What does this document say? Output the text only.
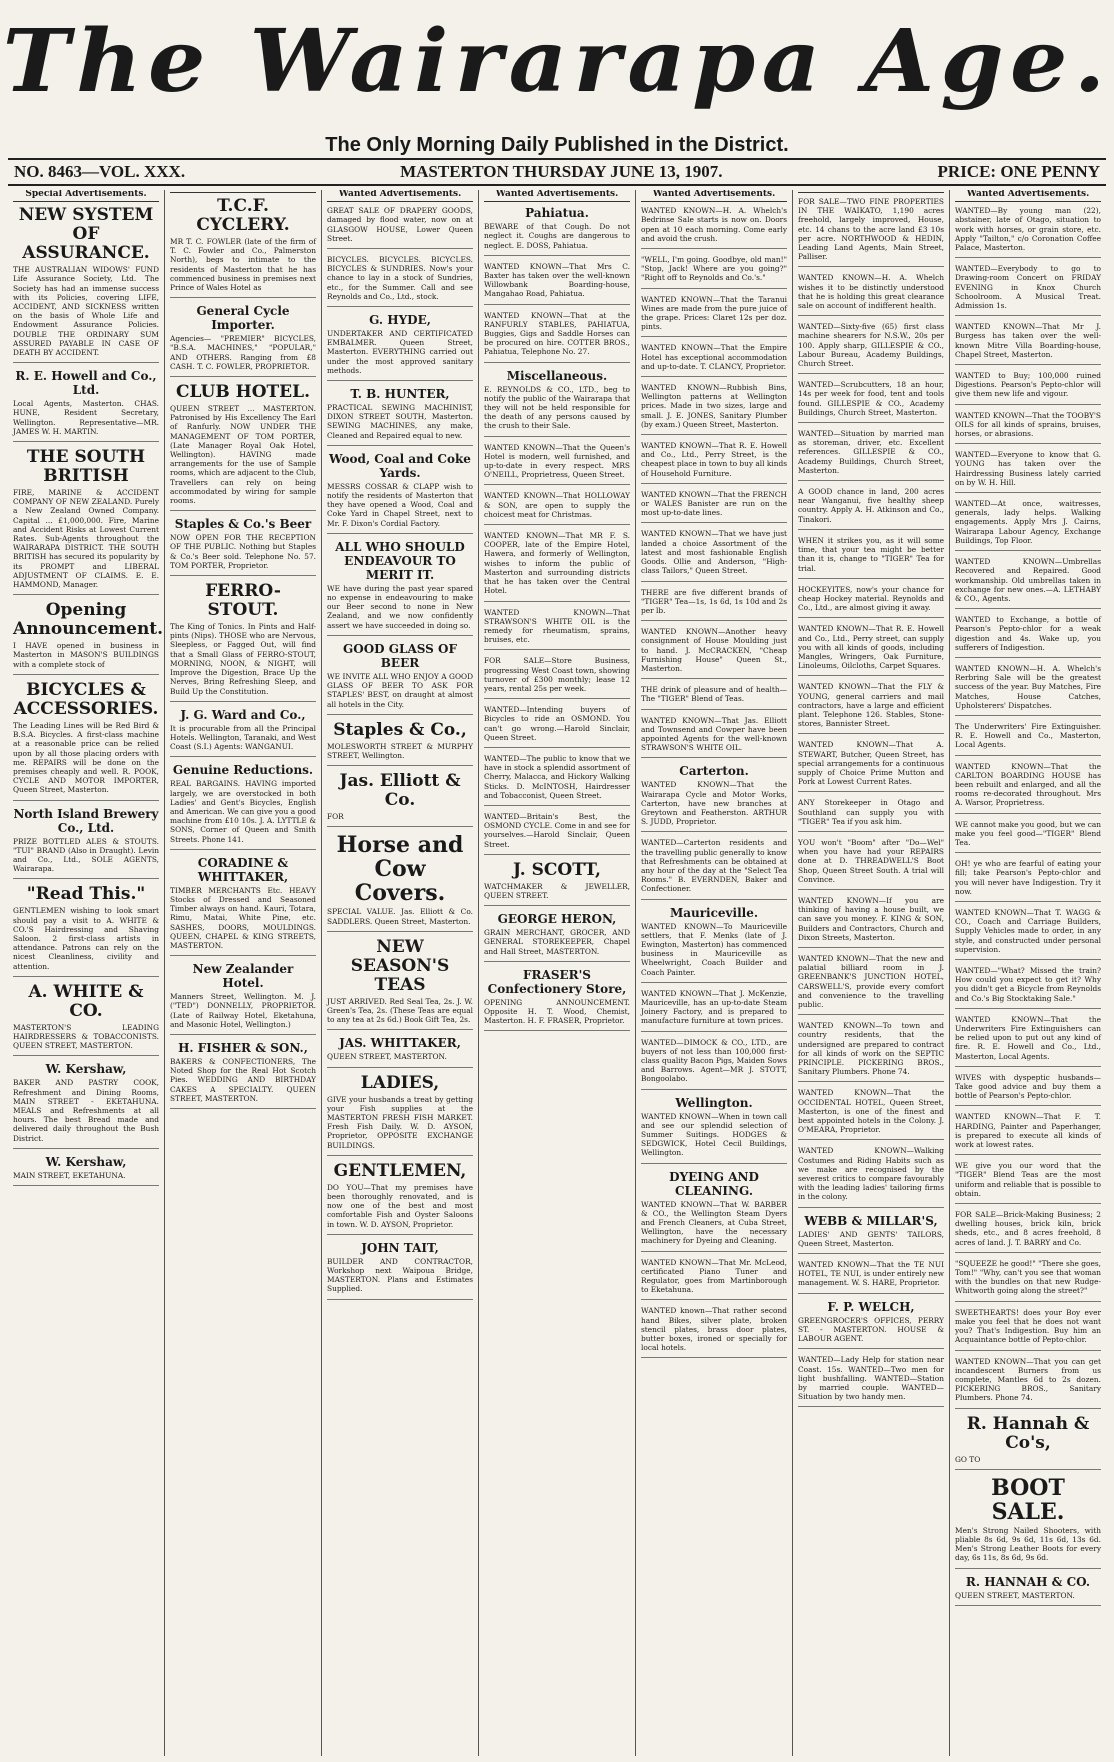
The Wairarapa Age.
The Only Morning Daily Published in the District.
NO. 8463—VOL. XXX.	MASTERTON THURSDAY JUNE 13, 1907.	PRICE: ONE PENNY
Special Advertisements.
NEW SYSTEM OF ASSURANCE.

THE AUSTRALIAN WIDOWS' FUND Life Assurance Society, Ltd. The Society has had an immense success with its Policies, covering LIFE, ACCIDENT, AND SICKNESS written on the basis of Whole Life and Endowment Assurance Policies. DOUBLE THE ORDINARY SUM ASSURED PAYABLE IN CASE OF DEATH BY ACCIDENT.

R. E. Howell and Co., Ltd.

Local Agents, Masterton. CHAS. HUNE, Resident Secretary, Wellington. Representative—MR. JAMES W. H. MARTIN.

THE SOUTH BRITISH

FIRE, MARINE & ACCIDENT COMPANY OF NEW ZEALAND. Purely a New Zealand Owned Company. Capital ... £1,000,000. Fire, Marine and Accident Risks at Lowest Current Rates. Sub-Agents throughout the WAIRARAPA DISTRICT. THE SOUTH BRITISH has secured its popularity by its PROMPT and LIBERAL ADJUSTMENT OF CLAIMS. E. E. HAMMOND, Manager.

Opening Announcement.

I HAVE opened in business in Masterton in MASON'S BUILDINGS with a complete stock of

BICYCLES & ACCESSORIES.

The Leading Lines will be Red Bird & B.S.A. Bicycles. A first-class machine at a reasonable price can be relied upon by all those placing orders with me. REPAIRS will be done on the premises cheaply and well. R. POOK, CYCLE AND MOTOR IMPORTER, Queen Street, Masterton.

North Island Brewery Co., Ltd.

PRIZE BOTTLED ALES & STOUTS. "TUI" BRAND (Also in Draught). Levin and Co., Ltd., SOLE AGENTS, Wairarapa.

"Read This."

GENTLEMEN wishing to look smart should pay a visit to A. WHITE & CO.'S Hairdressing and Shaving Saloon. 2 first-class artists in attendance. Patrons can rely on the nicest Cleanliness, civility and attention.

A. WHITE & CO.

MASTERTON'S LEADING HAIRDRESSERS & TOBACCONISTS. QUEEN STREET, MASTERTON.

W. Kershaw,

BAKER AND PASTRY COOK, Refreshment and Dining Rooms, MAIN STREET - EKETAHUNA. MEALS and Refreshments at all hours. The best Bread made and delivered daily throughout the Bush District.

W. Kershaw,

MAIN STREET, EKETAHUNA.

T.C.F. CYCLERY.

MR T. C. FOWLER (late of the firm of T. C. Fowler and Co., Palmerston North), begs to intimate to the residents of Masterton that he has commenced business in premises next Prince of Wales Hotel as

General Cycle Importer.

Agencies— "PREMIER" BICYCLES, "B.S.A. MACHINES," "POPULAR," AND OTHERS. Ranging from £8 CASH. T. C. FOWLER, PROPRIETOR.

CLUB HOTEL.

QUEEN STREET ... MASTERTON. Patronised by His Excellency The Earl of Ranfurly. NOW UNDER THE MANAGEMENT OF TOM PORTER, (Late Manager Royal Oak Hotel, Wellington). HAVING made arrangements for the use of Sample rooms, which are adjacent to the Club, Travellers can rely on being accommodated by wiring for sample rooms.

Staples & Co.'s Beer

NOW OPEN FOR THE RECEPTION OF THE PUBLIC. Nothing but Staples & Co.'s Beer sold. Telephone No. 57. TOM PORTER, Proprietor.

FERRO-STOUT.

The King of Tonics. In Pints and Half-pints (Nips). THOSE who are Nervous, Sleepless, or Fagged Out, will find that a Small Glass of FERRO-STOUT, MORNING, NOON, & NIGHT, will Improve the Digestion, Brace Up the Nerves, Bring Refreshing Sleep, and Build Up the Constitution.

J. G. Ward and Co.,

It is procurable from all the Principal Hotels. Wellington, Taranaki, and West Coast (S.I.) Agents: WANGANUI.

Genuine Reductions.

REAL BARGAINS. HAVING imported largely, we are overstocked in both Ladies' and Gent's Bicycles, English and American. We can give you a good machine from £10 10s. J. A. LYTTLE & SONS, Corner of Queen and Smith Streets. Phone 141.

CORADINE & WHITTAKER,

TIMBER MERCHANTS Etc. HEAVY Stocks of Dressed and Seasoned Timber always on hand. Kauri, Totara, Rimu, Matai, White Pine, etc. SASHES, DOORS, MOULDINGS. QUEEN, CHAPEL & KING STREETS, MASTERTON.

New Zealander Hotel.

Manners Street, Wellington. M. J. ("TED") DONNELLY, PROPRIETOR. (Late of Railway Hotel, Eketahuna, and Masonic Hotel, Wellington.)

H. FISHER & SON.,

BAKERS & CONFECTIONERS, The Noted Shop for the Real Hot Scotch Pies. WEDDING AND BIRTHDAY CAKES A SPECIALTY. QUEEN STREET, MASTERTON.

Wanted Advertisements.

GREAT SALE OF DRAPERY GOODS, damaged by flood water, now on at GLASGOW HOUSE, Lower Queen Street.

BICYCLES. BICYCLES. BICYCLES. BICYCLES & SUNDRIES. Now's your chance to lay in a stock of Sundries, etc., for the Summer. Call and see Reynolds and Co., Ltd., stock.

G. HYDE,

UNDERTAKER AND CERTIFICATED EMBALMER. Queen Street, Masterton. EVERYTHING carried out under the most approved sanitary methods.

T. B. HUNTER,

PRACTICAL SEWING MACHINIST, DIXON STREET SOUTH, Masterton. SEWING MACHINES, any make, Cleaned and Repaired equal to new.

Wood, Coal and Coke Yards.

MESSRS COSSAR & CLAPP wish to notify the residents of Masterton that they have opened a Wood, Coal and Coke Yard in Chapel Street, next to Mr. F. Dixon's Cordial Factory.

ALL WHO SHOULD ENDEAVOUR TO MERIT IT.

WE have during the past year spared no expense in endeavouring to make our Beer second to none in New Zealand, and we now confidently assert we have succeeded in doing so.

GOOD GLASS OF BEER

WE INVITE ALL WHO ENJOY A GOOD GLASS OF BEER TO ASK FOR STAPLES' BEST, on draught at almost all hotels in the City.

Staples & Co.,

MOLESWORTH STREET & MURPHY STREET, Wellington.

Jas. Elliott & Co.

FOR

Horse and Cow Covers.

SPECIAL VALUE. Jas. Elliott & Co. SADDLERS. Queen Street, Masterton.

NEW SEASON'S TEAS

JUST ARRIVED. Red Seal Tea, 2s. J. W. Green's Tea, 2s. (These Teas are equal to any tea at 2s 6d.) Book Gift Tea, 2s.

JAS. WHITTAKER,

QUEEN STREET, MASTERTON.

LADIES,

GIVE your husbands a treat by getting your Fish supplies at the MASTERTON FRESH FISH MARKET. Fresh Fish Daily. W. D. AYSON, Proprietor, OPPOSITE EXCHANGE BUILDINGS.

GENTLEMEN,

DO YOU—That my premises have been thoroughly renovated, and is now one of the best and most comfortable Fish and Oyster Saloons in town. W. D. AYSON, Proprietor.

JOHN TAIT,

BUILDER AND CONTRACTOR, Workshop next Waipoua Bridge, MASTERTON. Plans and Estimates Supplied.

Wanted Advertisements.
Pahiatua.

BEWARE of that Cough. Do not neglect it. Coughs are dangerous to neglect. E. DOSS, Pahiatua.

WANTED KNOWN—That Mrs C. Baxter has taken over the well-known Willowbank Boarding-house, Mangahao Road, Pahiatua.

WANTED KNOWN—That at the RANFURLY STABLES, PAHIATUA, Buggies, Gigs and Saddle Horses can be procured on hire. COTTER BROS., Pahiatua, Telephone No. 27.

Miscellaneous.

E. REYNOLDS & CO., LTD., beg to notify the public of the Wairarapa that they will not be held responsible for the death of any persons caused by the crush to their Sale.

WANTED KNOWN—That the Queen's Hotel is modern, well furnished, and up-to-date in every respect. MRS O'NEILL, Proprietress, Queen Street.

WANTED KNOWN—That HOLLOWAY & SON, are open to supply the choicest meat for Christmas.

WANTED KNOWN—That MR F. S. COOPER, late of the Empire Hotel, Hawera, and formerly of Wellington, wishes to inform the public of Masterton and surrounding districts that he has taken over the Central Hotel.

WANTED KNOWN—That STRAWSON'S WHITE OIL is the remedy for rheumatism, sprains, bruises, etc.

FOR SALE—Store Business, progressing West Coast town, showing turnover of £300 monthly; lease 12 years, rental 25s per week.

WANTED—Intending buyers of Bicycles to ride an OSMOND. You can't go wrong.—Harold Sinclair, Queen Street.

WANTED—The public to know that we have in stock a splendid assortment of Cherry, Malacca, and Hickory Walking Sticks. D. McINTOSH, Hairdresser and Tobacconist, Queen Street.

WANTED—Britain's Best, the OSMOND CYCLE. Come in and see for yourselves.—Harold Sinclair, Queen Street.

J. SCOTT,

WATCHMAKER & JEWELLER, QUEEN STREET.

GEORGE HERON,

GRAIN MERCHANT, GROCER, AND GENERAL STOREKEEPER, Chapel and Hall Street, MASTERTON.

FRASER'S Confectionery Store,

OPENING ANNOUNCEMENT. Opposite H. T. Wood, Chemist, Masterton. H. F. FRASER, Proprietor.

Wanted Advertisements.

WANTED KNOWN—H. A. Whelch's Bedrinse Sale starts is now on. Doors open at 10 each morning. Come early and avoid the crush.

"WELL, I'm going. Goodbye, old man!" "Stop, Jack! Where are you going?" "Right off to Reynolds and Co.'s."

WANTED KNOWN—That the Taranui Wines are made from the pure juice of the grape. Prices: Claret 12s per doz. pints.

WANTED KNOWN—That the Empire Hotel has exceptional accommodation and up-to-date. T. CLANCY, Proprietor.

WANTED KNOWN—Rubbish Bins, Wellington patterns at Wellington prices. Made in two sizes, large and small. J. E. JONES, Sanitary Plumber (by exam.) Queen Street, Masterton.

WANTED KNOWN—That R. E. Howell and Co., Ltd., Perry Street, is the cheapest place in town to buy all kinds of Household Furniture.

WANTED KNOWN—That the FRENCH or WALES Banister are run on the most up-to-date lines.

WANTED KNOWN—That we have just landed a choice Assortment of the latest and most fashionable English Goods. Ollie and Anderson, "High-class Tailors," Queen Street.

THERE are five different brands of "TIGER" Tea—1s, 1s 6d, 1s 10d and 2s per lb.

WANTED KNOWN—Another heavy consignment of House Moulding just to hand. J. McCRACKEN, "Cheap Furnishing House" Queen St., Masterton.

THE drink of pleasure and of health—The "TIGER" Blend of Teas.

WANTED KNOWN—That Jas. Elliott and Townsend and Cowper have been appointed Agents for the well-known STRAWSON'S WHITE OIL.

Carterton.

WANTED KNOWN—That the Wairarapa Cycle and Motor Works, Carterton, have new branches at Greytown and Featherston. ARTHUR S. JUDD, Proprietor.

WANTED—Carterton residents and the travelling public generally to know that Refreshments can be obtained at any hour of the day at the "Select Tea Rooms." B. EVERNDEN, Baker and Confectioner.

Mauriceville.

WANTED KNOWN—To Mauriceville settlers, that F. Menks (late of J. Ewington, Masterton) has commenced business in Mauriceville as Wheelwright, Coach Builder and Coach Painter.

WANTED KNOWN—That J. McKenzie, Mauriceville, has an up-to-date Steam Joinery Factory, and is prepared to manufacture furniture at town prices.

WANTED—DIMOCK & CO., LTD., are buyers of not less than 100,000 first-class quality Bacon Pigs, Maiden Sows and Barrows. Agent—MR J. STOTT, Bongoolabo.

Wellington.

WANTED KNOWN—When in town call and see our splendid selection of Summer Suitings. HODGES & SEDGWICK, Hotel Cecil Buildings, Wellington.

DYEING AND CLEANING.

WANTED KNOWN—That W. BARBER & CO., the Wellington Steam Dyers and French Cleaners, at Cuba Street, Wellington, have the necessary machinery for Dyeing and Cleaning.

WANTED KNOWN—That Mr. McLeod, certificated Piano Tuner and Regulator, goes from Martinborough to Eketahuna.

WANTED known—That rather second hand Bikes, silver plate, broken stencil plates, brass door plates, butter boxes, ironed or specially for local hotels.

FOR SALE—TWO FINE PROPERTIES IN THE WAIKATO, 1,190 acres freehold, largely improved, House, etc. 14 chans to the acre land £3 10s per acre. NORTHWOOD & HEDIN, Leading Land Agents, Main Street, Palliser.

WANTED KNOWN—H. A. Whelch wishes it to be distinctly understood that he is holding this great clearance sale on account of indifferent health.

WANTED—Sixty-five (65) first class machine shearers for N.S.W., 20s per 100. Apply sharp, GILLESPIE & CO., Labour Bureau, Academy Buildings, Church Street.

WANTED—Scrubcutters, 18 an hour, 14s per week for food, tent and tools found. GILLESPIE & CO., Academy Buildings, Church Street, Masterton.

WANTED—Situation by married man as storeman, driver, etc. Excellent references. GILLESPIE & CO., Academy Buildings, Church Street, Masterton.

A GOOD chance in land, 200 acres near Wanganui, five healthy sheep country. Apply A. H. Atkinson and Co., Tinakori.

WHEN it strikes you, as it will some time, that your tea might be better than it is, change to "TIGER" Tea for trial.

HOCKEYITES, now's your chance for cheap Hockey material. Reynolds and Co., Ltd., are almost giving it away.

WANTED KNOWN—That R. E. Howell and Co., Ltd., Perry street, can supply you with all kinds of goods, including Mangles, Wringers, Oak Furniture, Linoleums, Oilcloths, Carpet Squares.

WANTED KNOWN—That the FLY & YOUNG, general carriers and mail contractors, have a large and efficient plant. Telephone 126. Stables, Stone-stores, Bannister Street.

WANTED KNOWN—That A. STEWART, Butcher, Queen Street, has special arrangements for a continuous supply of Choice Prime Mutton and Pork at Lowest Current Rates.

ANY Storekeeper in Otago and Southland can supply you with "TIGER" Tea if you ask him.

YOU won't "Boom" after "Do—Wel" when you have had your REPAIRS done at D. THREADWELL'S Boot Shop, Queen Street South. A trial will Convince.

WANTED KNOWN—If you are thinking of having a house built, we can save you money. F. KING & SON, Builders and Contractors, Church and Dixon Streets, Masterton.

WANTED KNOWN—That the new and palatial billiard room in J. GREENBANK'S JUNCTION HOTEL, CARSWELL'S, provide every comfort and convenience to the travelling public.

WANTED KNOWN—To town and country residents, that the undersigned are prepared to contract for all kinds of work on the SEPTIC PRINCIPLE. PICKERING BROS., Sanitary Plumbers. Phone 74.

WANTED KNOWN—That the OCCIDENTAL HOTEL, Queen Street, Masterton, is one of the finest and best appointed hotels in the Colony. J. O'MEARA, Proprietor.

WANTED KNOWN—Walking Costumes and Riding Habits such as we make are recognised by the severest critics to compare favourably with the leading ladies' tailoring firms in the colony.

WEBB & MILLAR'S,

LADIES' AND GENTS' TAILORS, Queen Street, Masterton.

WANTED KNOWN—That the TE NUI HOTEL, TE NUI, is under entirely new management. W. S. HARE, Proprietor.

F. P. WELCH,

GREENGROCER'S OFFICES, PERRY ST. - MASTERTON. HOUSE & LABOUR AGENT.

WANTED—Lady Help for station near Coast. 15s. WANTED—Two men for light bushfalling. WANTED—Station by married couple. WANTED—Situation by two handy men.

Wanted Advertisements.

WANTED—By young man (22), abstainer, late of Otago, situation to work with horses, or grain store, etc. Apply "Tailton," c/o Coronation Coffee Palace, Masterton.

WANTED—Everybody to go to Drawing-room Concert on FRIDAY EVENING in Knox Church Schoolroom. A Musical Treat. Admission 1s.

WANTED KNOWN—That Mr J. Burgess has taken over the well-known Mitre Villa Boarding-house, Chapel Street, Masterton.

WANTED to Buy; 100,000 ruined Digestions. Pearson's Pepto-chlor will give them new life and vigour.

WANTED KNOWN—That the TOOBY'S OILS for all kinds of sprains, bruises, horses, or abrasions.

WANTED—Everyone to know that G. YOUNG has taken over the Hairdressing Business lately carried on by W. H. Hill.

WANTED—At once, waitresses, generals, lady helps. Walking engagements. Apply Mrs J. Cairns, Wairarapa Labour Agency, Exchange Buildings, Top Floor.

WANTED KNOWN—Umbrellas Recovered and Repaired. Good workmanship. Old umbrellas taken in exchange for new ones.—A. LETHABY & CO., Agents.

WANTED to Exchange, a bottle of Pearson's Pepto-chlor for a weak digestion and 4s. Wake up, you sufferers of Indigestion.

WANTED KNOWN—H. A. Whelch's Rerbring Sale will be the greatest success of the year. Buy Matches, Fire Matches, House Catches, Upholsterers' Dispatches.

The Underwriters' Fire Extinguisher. R. E. Howell and Co., Masterton, Local Agents.

WANTED KNOWN—That the CARLTON BOARDING HOUSE has been rebuilt and enlarged, and all the rooms re-decorated throughout. Mrs A. Warsor, Proprietress.

WE cannot make you good, but we can make you feel good—"TIGER" Blend Tea.

OH! ye who are fearful of eating your fill; take Pearson's Pepto-chlor and you will never have Indigestion. Try it now.

WANTED KNOWN—That T. WAGG & CO., Coach and Carriage Builders, Supply Vehicles made to order, in any style, and constructed under personal supervision.

WANTED—"What? Missed the train? How could you expect to get it? Why you didn't get a Bicycle from Reynolds and Co.'s Big Stocktaking Sale."

WANTED KNOWN—That the Underwriters Fire Extinguishers can be relied upon to put out any kind of fire. R. E. Howell and Co., Ltd., Masterton, Local Agents.

WIVES with dyspeptic husbands—Take good advice and buy them a bottle of Pearson's Pepto-chlor.

WANTED KNOWN—That F. T. HARDING, Painter and Paperhanger, is prepared to execute all kinds of work at lowest rates.

WE give you our word that the "TIGER" Blend Teas are the most uniform and reliable that is possible to obtain.

FOR SALE—Brick-Making Business; 2 dwelling houses, brick kiln, brick sheds, etc., and 8 acres freehold, 8 acres of land. J. T. BARRY and Co.

"SQUEEZE he good!" "There she goes, Tom!" "Why, can't you see that woman with the bundles on that new Rudge-Whitworth going along the street?"

SWEETHEARTS! does your Boy ever make you feel that he does not want you? That's Indigestion. Buy him an Acquaintance bottle of Pepto-chlor.

WANTED KNOWN—That you can get incandescent Burners from us complete, Mantles 6d to 2s dozen. PICKERING BROS., Sanitary Plumbers. Phone 74.

R. Hannah & Co's,

GO TO

BOOT SALE.

Men's Strong Nailed Shooters, with pliable 8s 6d, 9s 6d, 11s 6d, 13s 6d. Men's Strong Leather Boots for every day, 6s 11s, 8s 6d, 9s 6d.

R. HANNAH & CO.

QUEEN STREET, MASTERTON.
